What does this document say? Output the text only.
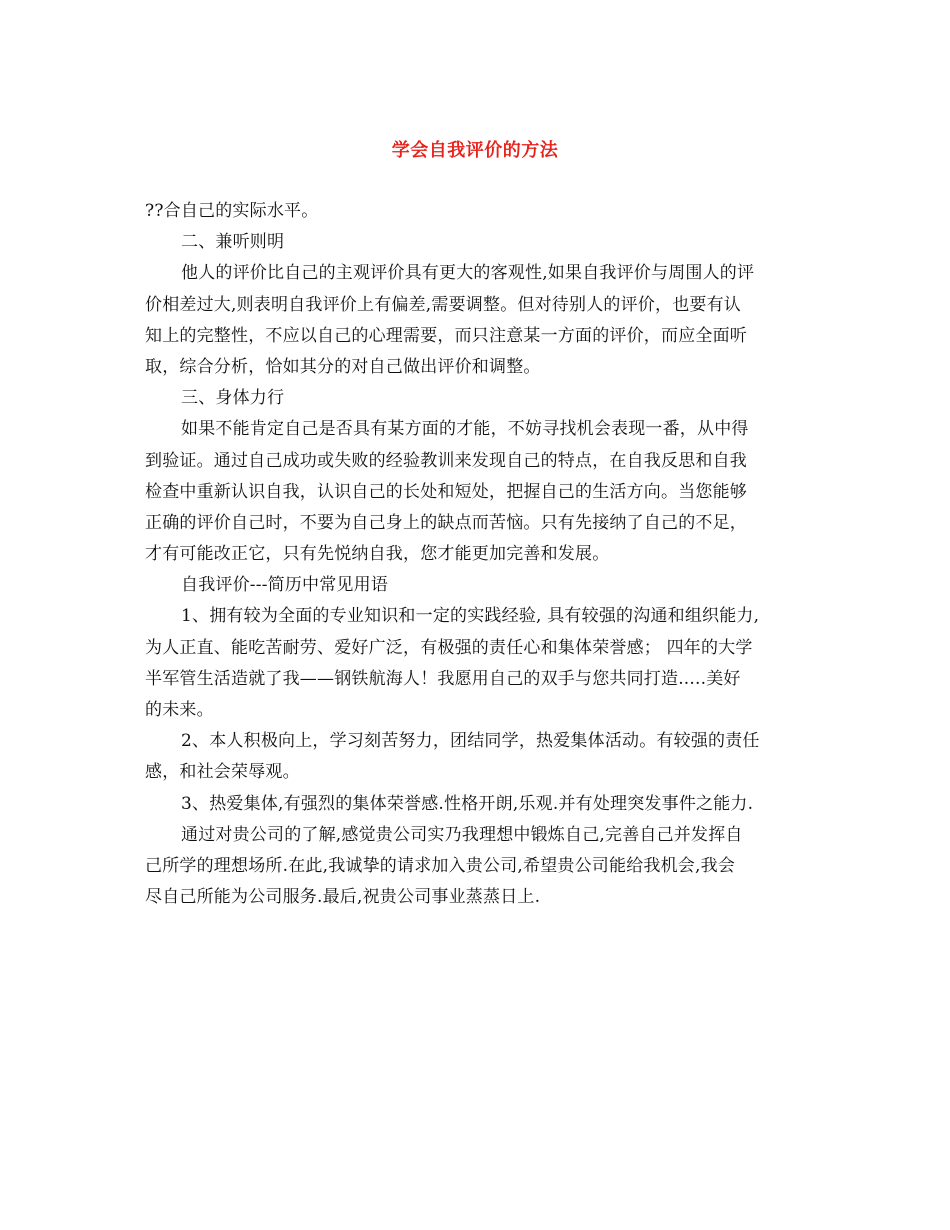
学会自我评价的方法
??合自己的实际水平。
二、兼听则明
他人的评价比自己的主观评价具有更大的客观性,如果自我评价与周围人的评
价相差过大,则表明自我评价上有偏差,需要调整。但对待别人的评价，也要有认
知上的完整性，不应以自己的心理需要，而只注意某一方面的评价，而应全面听
取，综合分析，恰如其分的对自己做出评价和调整。
三、身体力行
如果不能肯定自己是否具有某方面的才能，不妨寻找机会表现一番，从中得
到验证。通过自己成功或失败的经验教训来发现自己的特点，在自我反思和自我
检查中重新认识自我，认识自己的长处和短处，把握自己的生活方向。当您能够
正确的评价自己时，不要为自己身上的缺点而苦恼。只有先接纳了自己的不足，
才有可能改正它，只有先悦纳自我，您才能更加完善和发展。
自我评价---简历中常见用语
1、拥有较为全面的专业知识和一定的实践经验, 具有较强的沟通和组织能力,
为人正直、能吃苦耐劳、爱好广泛，有极强的责任心和集体荣誉感； 四年的大学
半军管生活造就了我——钢铁航海人！我愿用自己的双手与您共同打造.....美好
的未来。
2、本人积极向上，学习刻苦努力，团结同学，热爱集体活动。有较强的责任
感，和社会荣辱观。
3、热爱集体,有强烈的集体荣誉感.性格开朗,乐观.并有处理突发事件之能力.
通过对贵公司的了解,感觉贵公司实乃我理想中锻炼自己,完善自己并发挥自
己所学的理想场所.在此,我诚挚的请求加入贵公司,希望贵公司能给我机会,我会
尽自己所能为公司服务.最后,祝贵公司事业蒸蒸日上.
